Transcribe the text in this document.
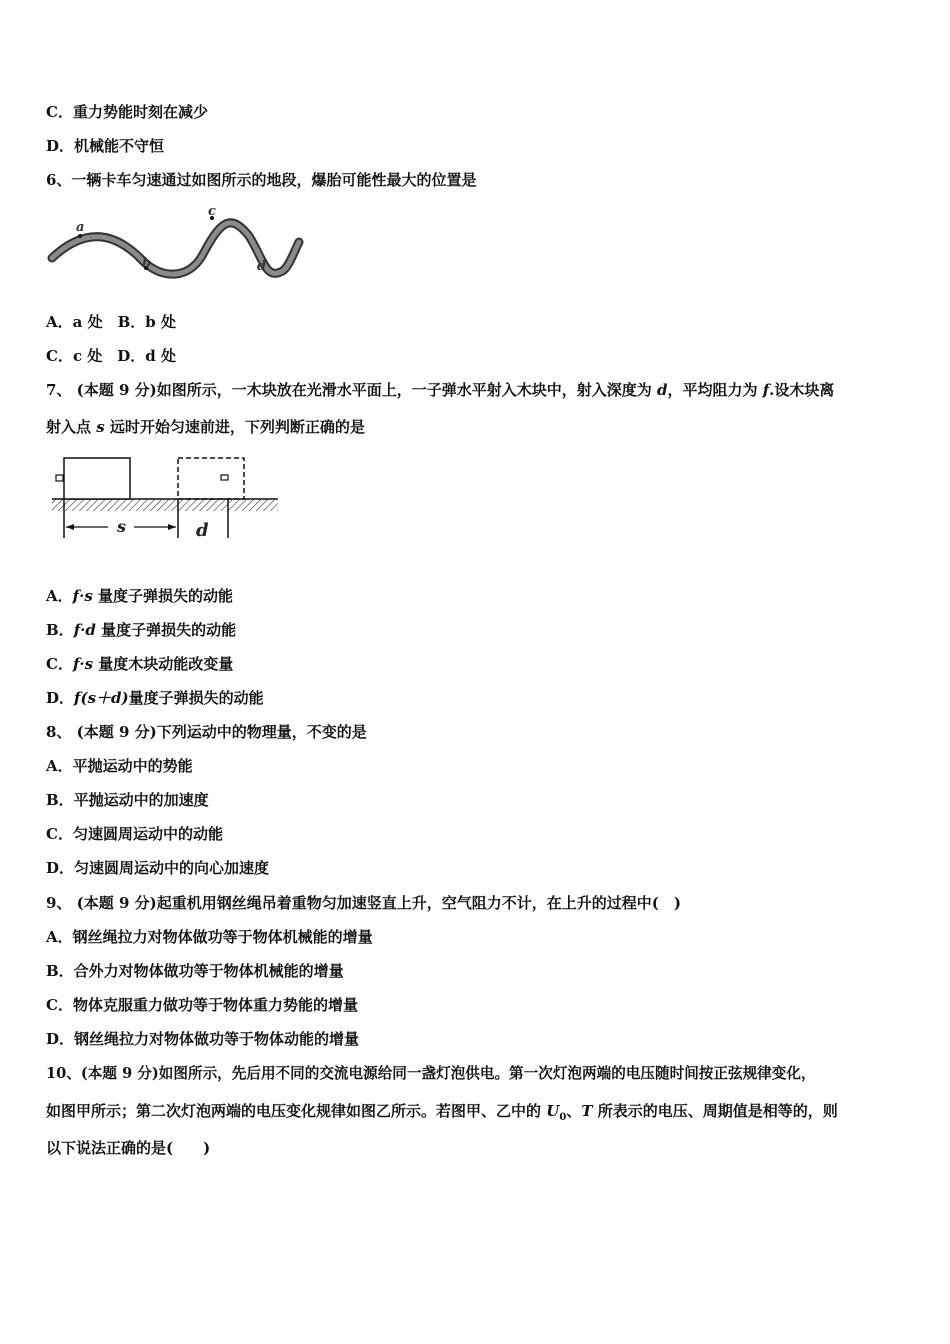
C．重力势能时刻在减少
D．机械能不守恒
6、一辆卡车匀速通过如图所示的地段，爆胎可能性最大的位置是
a
b
c
d
A．a 处　B．b 处
C．c 处　D．d 处
7、 (本题 9 分)如图所示，一木块放在光滑水平面上，一子弹水平射入木块中，射入深度为 d，平均阻力为 f.设木块离
射入点 s 远时开始匀速前进，下列判断正确的是
s	d
A．f·s 量度子弹损失的动能
B．f·d 量度子弹损失的动能
C．f·s 量度木块动能改变量
D．f(s＋d)量度子弹损失的动能
8、 (本题 9 分)下列运动中的物理量，不变的是
A．平抛运动中的势能
B．平抛运动中的加速度
C．匀速圆周运动中的动能
D．匀速圆周运动中的向心加速度
9、 (本题 9 分)起重机用钢丝绳吊着重物匀加速竖直上升，空气阻力不计，在上升的过程中(　)
A．钢丝绳拉力对物体做功等于物体机械能的增量
B．合外力对物体做功等于物体机械能的增量
C．物体克服重力做功等于物体重力势能的增量
D．钢丝绳拉力对物体做功等于物体动能的增量
10、(本题 9 分)如图所示，先后用不同的交流电源给同一盏灯泡供电。第一次灯泡两端的电压随时间按正弦规律变化，
如图甲所示；第二次灯泡两端的电压变化规律如图乙所示。若图甲、乙中的 $U_0$、T 所表示的电压、周期值是相等的，则
以下说法正确的是(　　)
